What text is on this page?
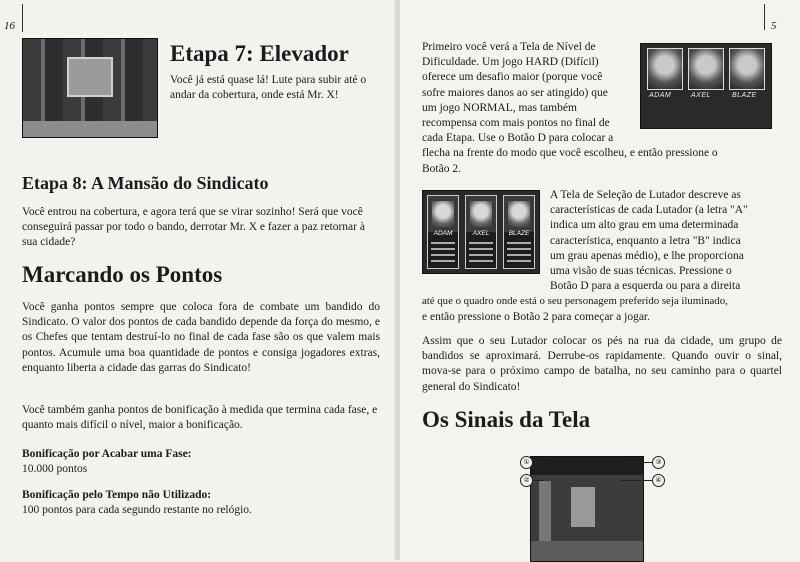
16

Etapa 7: Elevador

Você já está quase lá! Lute para subir até o andar da cobertura, onde está Mr. X!

Etapa 8: A Mansão do Sindicato

Você entrou na cobertura, e agora terá que se virar sozinho! Será que você conseguirá passar por todo o bando, derrotar Mr. X e fazer a paz retornar à sua cidade?

Marcando os Pontos

Você ganha pontos sempre que coloca fora de combate um bandido do Sindicato. O valor dos pontos de cada bandido depende da força do mesmo, e os Chefes que tentam destruí-lo no final de cada fase são os que valem mais pontos. Acumule uma boa quantidade de pontos e consiga jogadores extras, enquanto liberta a cidade das garras do Sindicato!

Você também ganha pontos de bonificação à medida que termina cada fase, e quanto mais difícil o nível, maior a bonificação.

Bonificação por Acabar uma Fase:

10.000 pontos

Bonificação pelo Tempo não Utilizado:

100 pontos para cada segundo restante no relógio.

5
ADAM	AXEL	BLAZE
Primeiro você verá a Tela de Nível de
Dificuldade. Um jogo HARD (Difícil)
oferece um desafio maior (porque você
sofre maiores danos ao ser atingido) que
um jogo NORMAL, mas também
recompensa com mais pontos no final de
cada Etapa. Use o Botão D para colocar a
flecha na frente do modo que você escolheu, e então pressione o
Botão 2.
ADAM	AXEL	BLAZE
A Tela de Seleção de Lutador descreve as
características de cada Lutador (a letra "A"
indica um alto grau em uma determinada
característica, enquanto a letra "B" indica
um grau apenas médio), e lhe proporciona
uma visão de suas técnicas. Pressione o
Botão D para a esquerda ou para a direita
até que o quadro onde está o seu personagem preferido seja iluminado,
e então pressione o Botão 2 para começar a jogar.

Assim que o seu Lutador colocar os pés na rua da cidade, um grupo de bandidos se aproximará. Derrube-os rapidamente. Quando ouvir o sinal, mova-se para o próximo campo de batalha, no seu caminho para o quartel general do Sindicato!

Os Sinais da Tela
①
②
③
④
